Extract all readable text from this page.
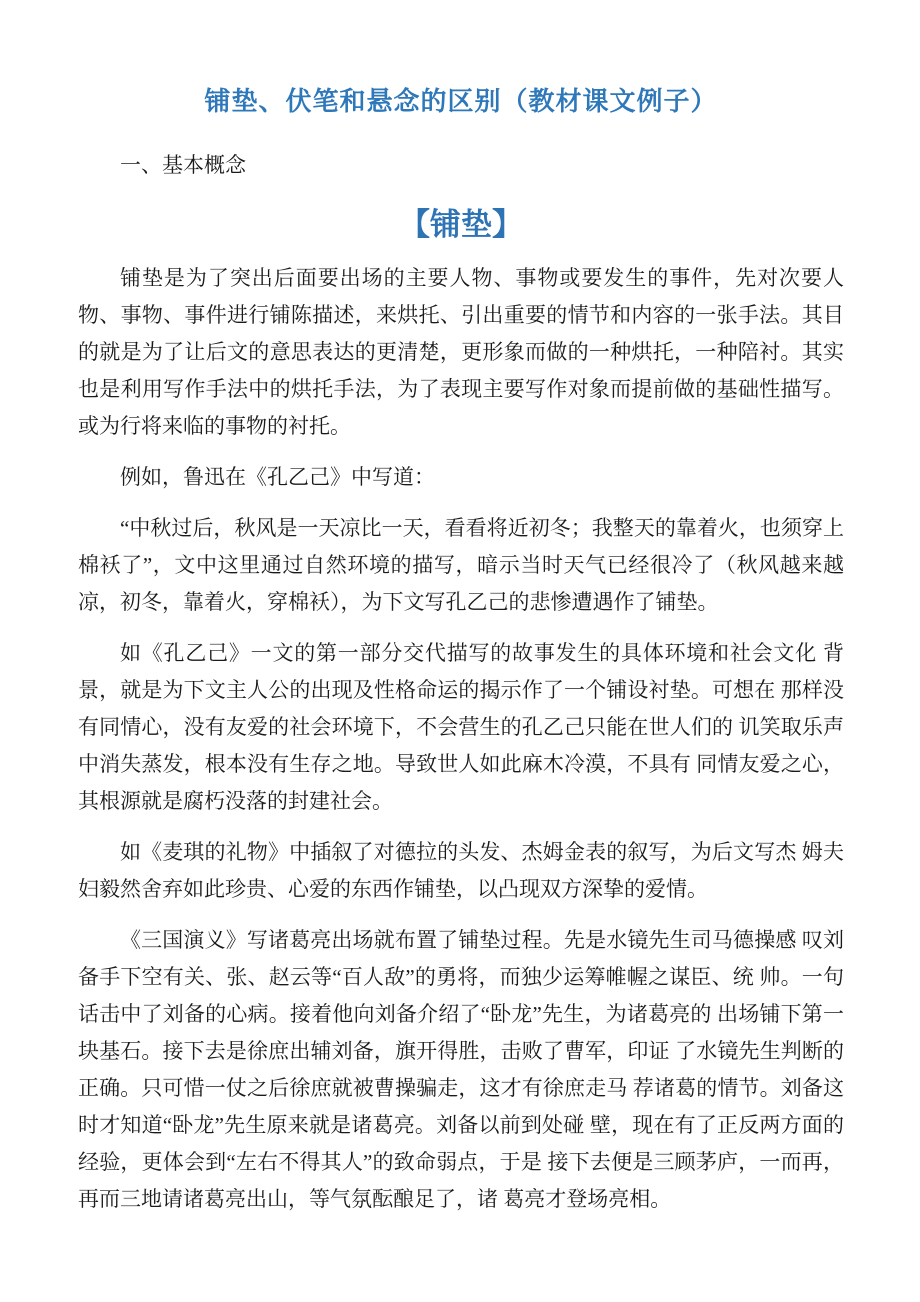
铺垫、伏笔和悬念的区别（教材课文例子）

一、基本概念

【铺垫】

铺垫是为了突出后面要出场的主要人物、事物或要发生的事件，先对次要人物、事物、事件进行铺陈描述，来烘托、引出重要的情节和内容的一张手法。其目的就是为了让后文的意思表达的更清楚，更形象而做的一种烘托，一种陪衬。其实也是利用写作手法中的烘托手法，为了表现主要写作对象而提前做的基础性描写。或为行将来临的事物的衬托。

例如，鲁迅在《孔乙己》中写道：

“中秋过后，秋风是一天凉比一天，看看将近初冬；我整天的靠着火，也须穿上棉袄了”，文中这里通过自然环境的描写，暗示当时天气已经很冷了（秋风越来越凉，初冬，靠着火，穿棉袄），为下文写孔乙己的悲惨遭遇作了铺垫。

如《孔乙己》一文的第一部分交代描写的故事发生的具体环境和社会文化 背景，就是为下文主人公的出现及性格命运的揭示作了一个铺设衬垫。可想在 那样没有同情心，没有友爱的社会环境下，不会营生的孔乙己只能在世人们的 讥笑取乐声中消失蒸发，根本没有生存之地。导致世人如此麻木冷漠，不具有 同情友爱之心，其根源就是腐朽没落的封建社会。

如《麦琪的礼物》中插叙了对德拉的头发、杰姆金表的叙写，为后文写杰 姆夫妇毅然舍弃如此珍贵、心爱的东西作铺垫，以凸现双方深挚的爱情。

《三国演义》写诸葛亮出场就布置了铺垫过程。先是水镜先生司马德操感 叹刘备手下空有关、张、赵云等“百人敌”的勇将，而独少运筹帷幄之谋臣、统 帅。一句话击中了刘备的心病。接着他向刘备介绍了“卧龙”先生，为诸葛亮的 出场铺下第一块基石。接下去是徐庶出辅刘备，旗开得胜，击败了曹军，印证 了水镜先生判断的正确。只可惜一仗之后徐庶就被曹操骗走，这才有徐庶走马 荐诸葛的情节。刘备这时才知道“卧龙”先生原来就是诸葛亮。刘备以前到处碰 壁，现在有了正反两方面的经验，更体会到“左右不得其人”的致命弱点，于是 接下去便是三顾茅庐，一而再，再而三地请诸葛亮出山，等气氛酝酿足了，诸 葛亮才登场亮相。
